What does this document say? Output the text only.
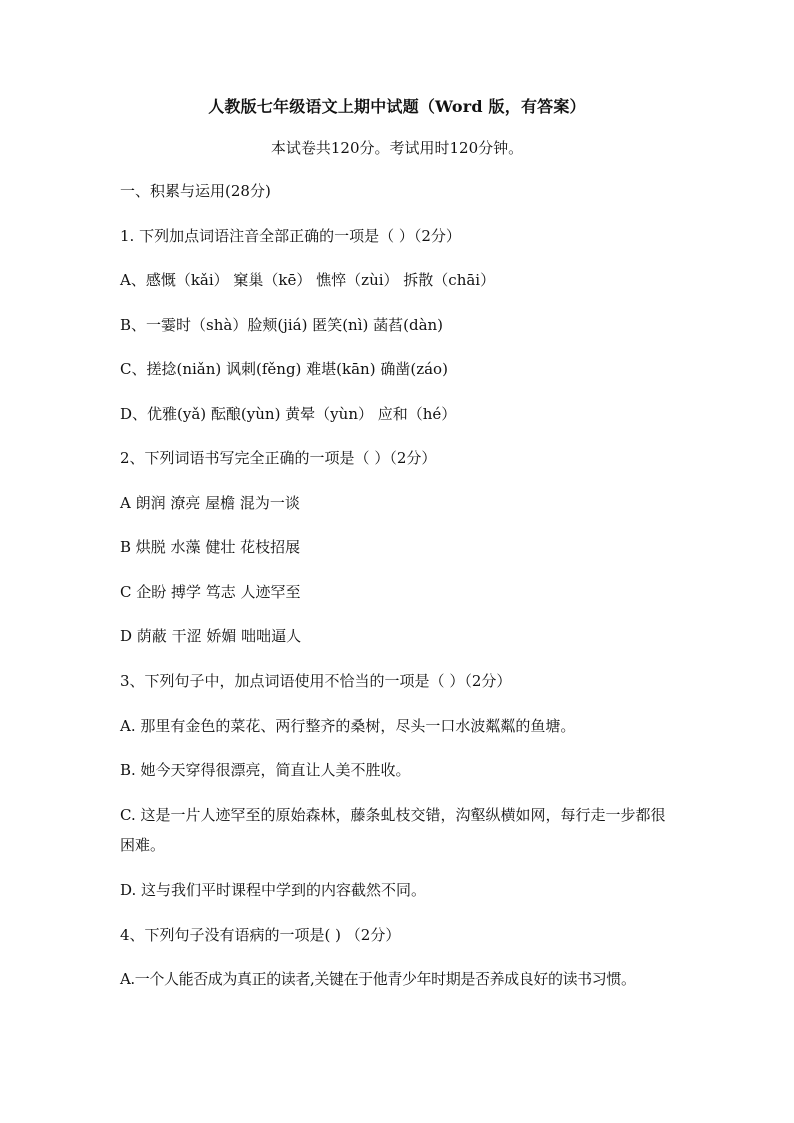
人教版七年级语文上期中试题（Word 版，有答案）
本试卷共120分。考试用时120分钟。
一、积累与运用(28分)
1. 下列加点词语注音全部正确的一项是（ ）（2分）
A、感慨（kǎi） 窠巢（kē） 憔悴（zùi） 拆散（chāi）
B、一霎时（shà）脸颊(jiá) 匿笑(nì) 菡萏(dàn)
C、搓捻(niǎn) 讽刺(fěng) 难堪(kān) 确凿(záo)
D、优雅(yǎ) 酝酿(yùn) 黄晕（yùn） 应和（hé）
2、下列词语书写完全正确的一项是（ ）（2分）
A 朗润 潦亮 屋檐 混为一谈
B 烘脱 水藻 健壮 花枝招展
C 企盼 搏学 笃志 人迹罕至
D 荫蔽 干涩 娇媚 咄咄逼人
3、下列句子中，加点词语使用不恰当的一项是（ ）（2分）
A. 那里有金色的菜花、两行整齐的桑树，尽头一口水波粼粼的鱼塘。
B. 她今天穿得很漂亮，简直让人美不胜收。
C. 这是一片人迹罕至的原始森林，藤条虬枝交错，沟壑纵横如网，每行走一步都很困难。
D. 这与我们平时课程中学到的内容截然不同。
4、下列句子没有语病的一项是( ) （2分）
A.一个人能否成为真正的读者,关键在于他青少年时期是否养成良好的读书习惯。
